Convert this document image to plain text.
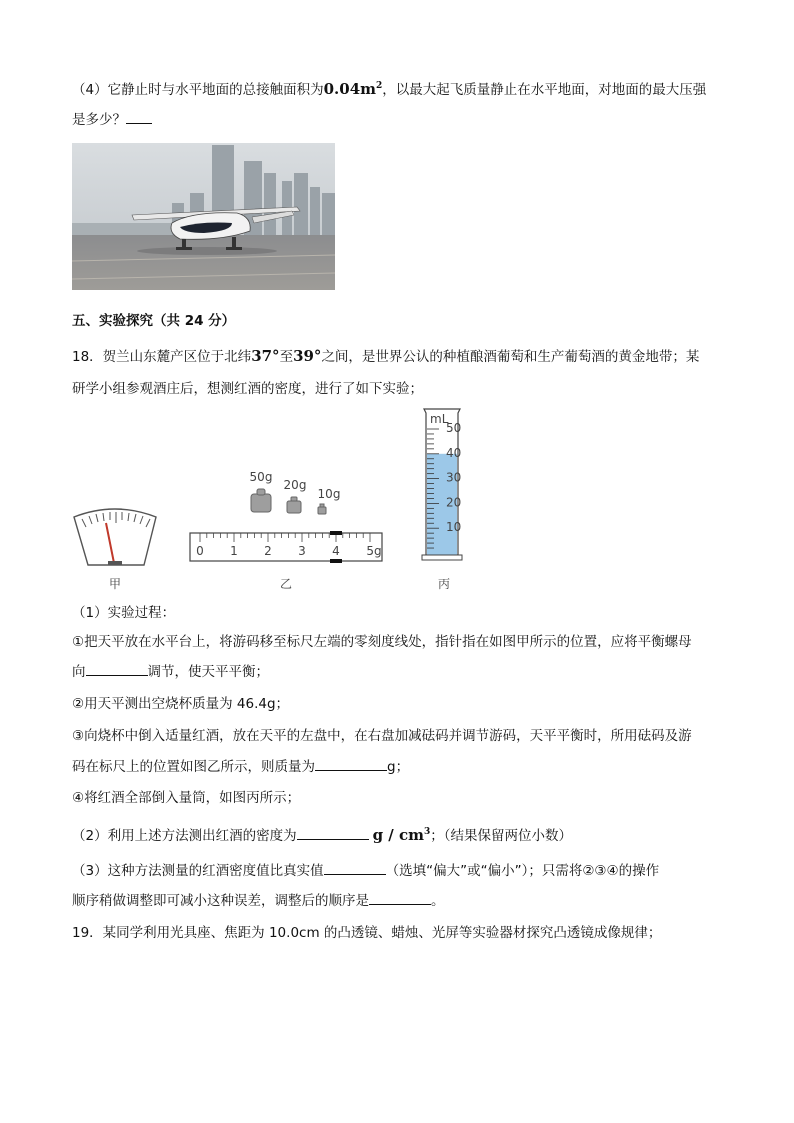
（4）它静止时与水平地面的总接触面积为$0.04m^2$，以最大起飞质量静止在水平地面，对地面的最大压强
是多少？
五、实验探究（共 24 分）
18．贺兰山东麓产区位于北纬37°至39°之间，是世界公认的种植酿酒葡萄和生产葡萄酒的黄金地带；某
研学小组参观酒庄后，想测红酒的密度，进行了如下实验；
甲
50g
20g
10g
0 1 2 3 4 5g
乙
50
40
30
20
10
mL
丙
（1）实验过程：
①把天平放在水平台上，将游码移至标尺左端的零刻度线处，指针指在如图甲所示的位置，应将平衡螺母
向	调节，使天平平衡；
②用天平测出空烧杯质量为 46.4g；
③向烧杯中倒入适量红酒，放在天平的左盘中，在右盘加减砝码并调节游码，天平平衡时，所用砝码及游
码在标尺上的位置如图乙所示，则质量为	g；
④将红酒全部倒入量筒，如图丙所示；
（2）利用上述方法测出红酒的密度为	g / $cm^3$；（结果保留两位小数）
（3）这种方法测量的红酒密度值比真实值	（选填“偏大”或“偏小”）；只需将②③④的操作
顺序稍做调整即可减小这种误差，调整后的顺序是	。
19．某同学利用光具座、焦距为 10.0cm 的凸透镜、蜡烛、光屏等实验器材探究凸透镜成像规律；
